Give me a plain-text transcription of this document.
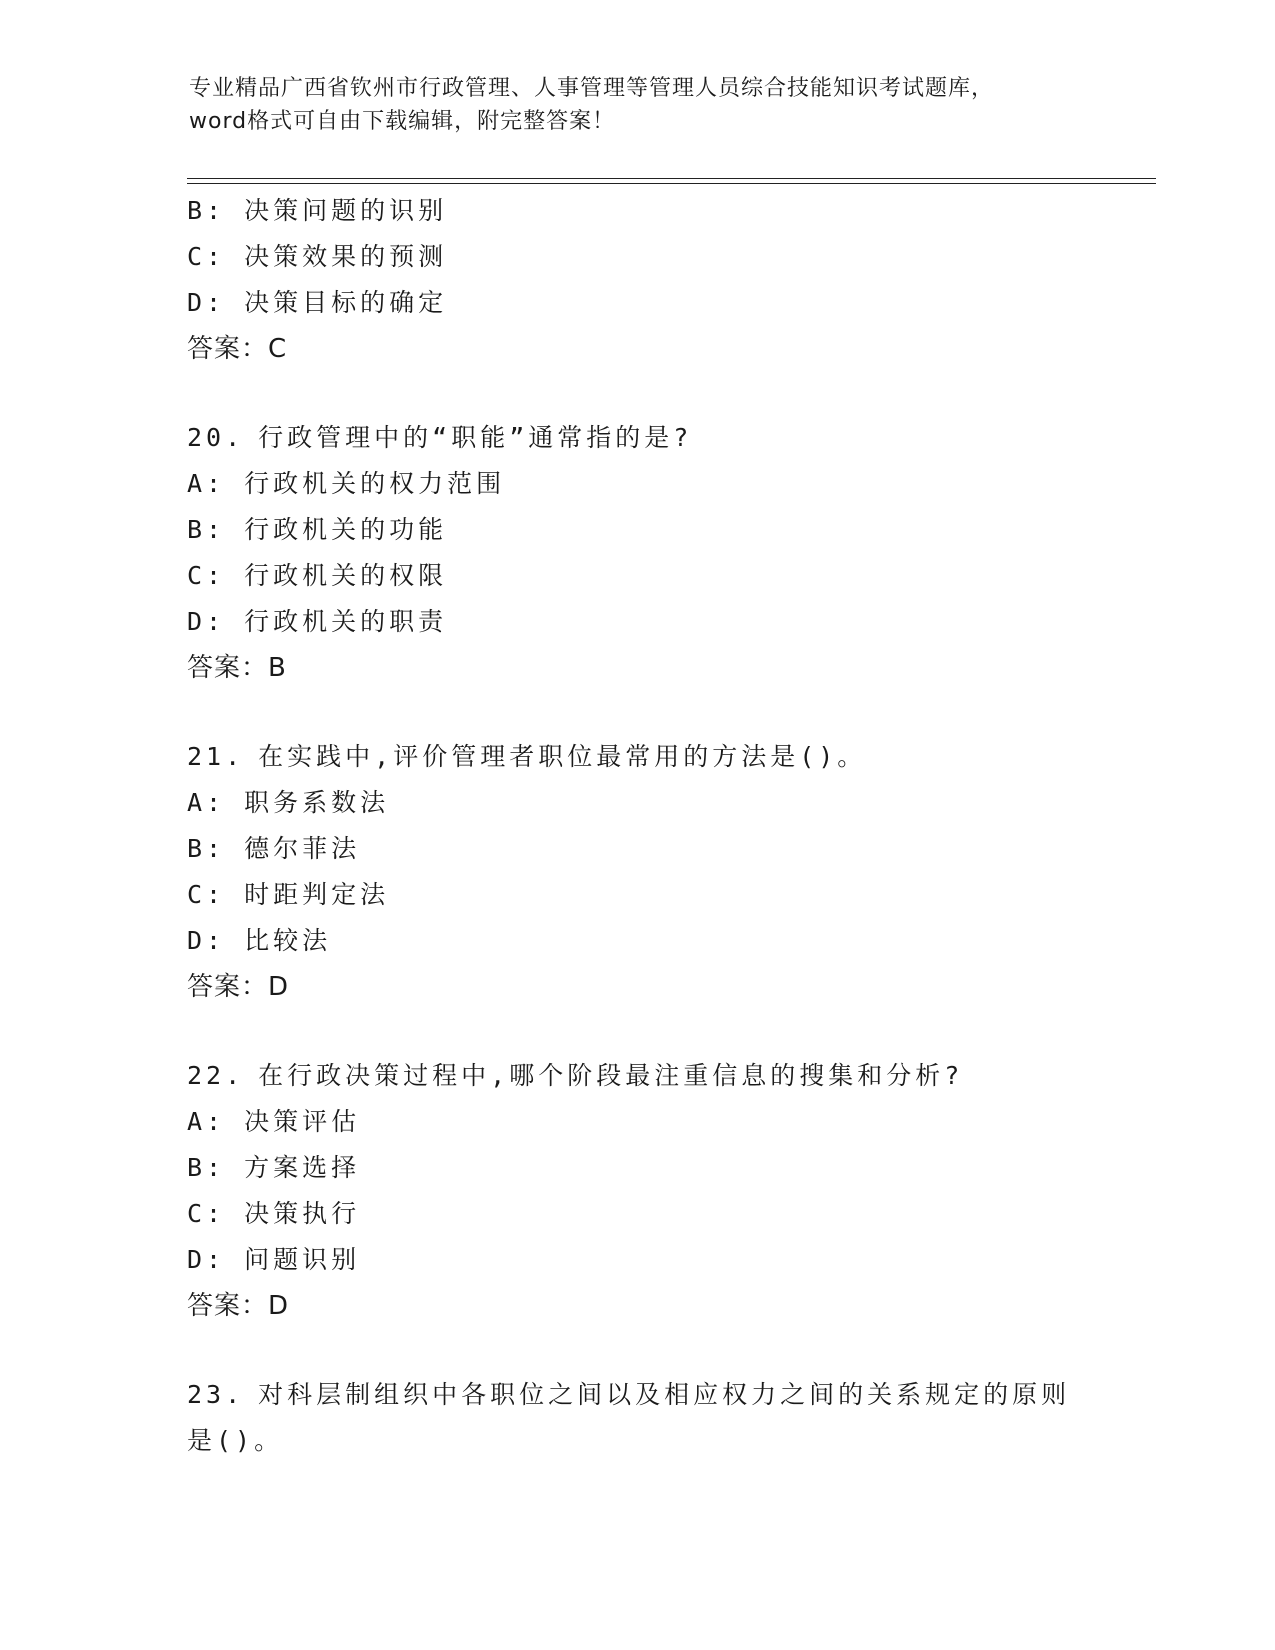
专业精品广西省钦州市行政管理、人事管理等管理人员综合技能知识考试题库，
word格式可自由下载编辑，附完整答案！
B: 决策问题的识别
C: 决策效果的预测
D: 决策目标的确定
答案：C
20. 行政管理中的“职能”通常指的是?
A: 行政机关的权力范围
B: 行政机关的功能
C: 行政机关的权限
D: 行政机关的职责
答案：B
21. 在实践中,评价管理者职位最常用的方法是()。
A: 职务系数法
B: 德尔菲法
C: 时距判定法
D: 比较法
答案：D
22. 在行政决策过程中,哪个阶段最注重信息的搜集和分析?
A: 决策评估
B: 方案选择
C: 决策执行
D: 问题识别
答案：D
23. 对科层制组织中各职位之间以及相应权力之间的关系规定的原则
是()。
